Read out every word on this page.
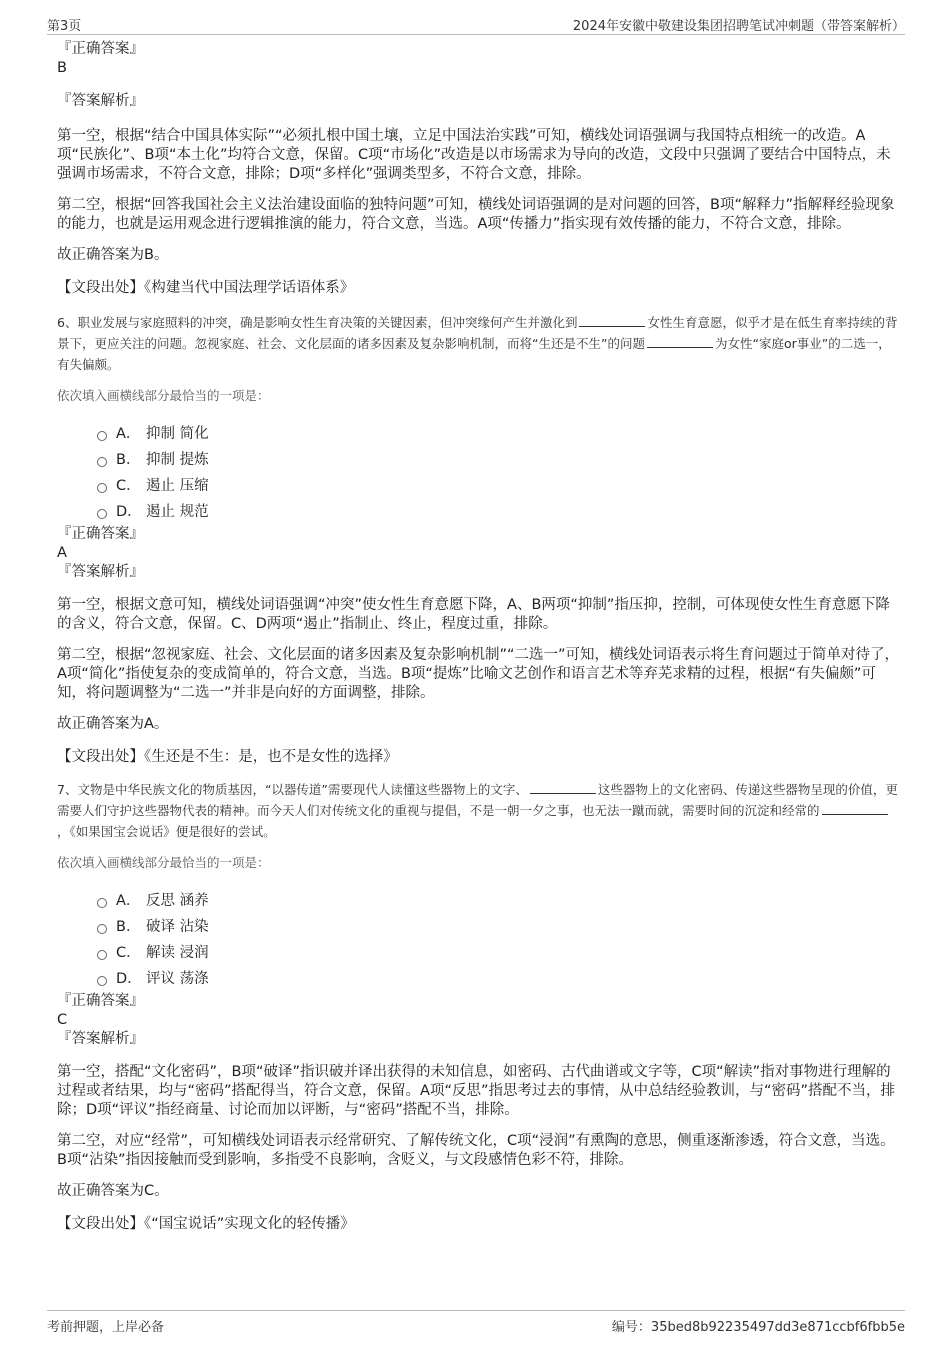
第3页	2024年安徽中敬建设集团招聘笔试冲刺题（带答案解析）
『正确答案』
B
『答案解析』

第一空，根据“结合中国具体实际”“必须扎根中国土壤，立足中国法治实践”可知，横线处词语强调与我国特点相统一的改造。A项“民族化”、B项“本土化”均符合文意，保留。C项“市场化”改造是以市场需求为导向的改造，文段中只强调了要结合中国特点，未强调市场需求，不符合文意，排除；D项“多样化”强调类型多，不符合文意，排除。

第二空，根据“回答我国社会主义法治建设面临的独特问题”可知，横线处词语强调的是对问题的回答，B项“解释力”指解释经验现象的能力，也就是运用观念进行逻辑推演的能力，符合文意，当选。A项“传播力”指实现有效传播的能力，不符合文意，排除。

故正确答案为B。

【文段出处】《构建当代中国法理学话语体系》

6、职业发展与家庭照料的冲突，确是影响女性生育决策的关键因素，但冲突缘何产生并激化到	女性生育意愿，似乎才是在低生育率持续的背景下，更应关注的问题。忽视家庭、社会、文化层面的诸多因素及复杂影响机制，而将“生还是不生”的问题	为女性“家庭or事业”的二选一，有失偏颇。

依次填入画横线部分最恰当的一项是：
A． 抑制 简化
B． 抑制 提炼
C． 遏止 压缩
D． 遏止 规范
『正确答案』
A
『答案解析』

第一空，根据文意可知，横线处词语强调“冲突”使女性生育意愿下降，A、B两项“抑制”指压抑，控制，可体现使女性生育意愿下降的含义，符合文意，保留。C、D两项“遏止”指制止、终止，程度过重，排除。

第二空，根据“忽视家庭、社会、文化层面的诸多因素及复杂影响机制”“二选一”可知，横线处词语表示将生育问题过于简单对待了，A项“简化”指使复杂的变成简单的，符合文意，当选。B项“提炼”比喻文艺创作和语言艺术等弃芜求精的过程，根据“有失偏颇”可知，将问题调整为“二选一”并非是向好的方面调整，排除。

故正确答案为A。

【文段出处】《生还是不生：是，也不是女性的选择》

7、文物是中华民族文化的物质基因，“以器传道”需要现代人读懂这些器物上的文字、	这些器物上的文化密码、传递这些器物呈现的价值，更需要人们守护这些器物代表的精神。而今天人们对传统文化的重视与提倡，不是一朝一夕之事，也无法一蹴而就，需要时间的沉淀和经常的，《如果国宝会说话》便是很好的尝试。

依次填入画横线部分最恰当的一项是：
A． 反思 涵养
B． 破译 沾染
C． 解读 浸润
D． 评议 荡涤
『正确答案』
C
『答案解析』

第一空，搭配“文化密码”，B项“破译”指识破并译出获得的未知信息，如密码、古代曲谱或文字等，C项“解读”指对事物进行理解的过程或者结果，均与“密码”搭配得当，符合文意，保留。A项“反思”指思考过去的事情，从中总结经验教训，与“密码”搭配不当，排除；D项“评议”指经商量、讨论而加以评断，与“密码”搭配不当，排除。

第二空，对应“经常”，可知横线处词语表示经常研究、了解传统文化，C项“浸润”有熏陶的意思，侧重逐渐渗透，符合文意，当选。B项“沾染”指因接触而受到影响，多指受不良影响，含贬义，与文段感情色彩不符，排除。

故正确答案为C。

【文段出处】《“国宝说话”实现文化的轻传播》
考前押题，上岸必备	编号：35bed8b92235497dd3e871ccbf6fbb5e
